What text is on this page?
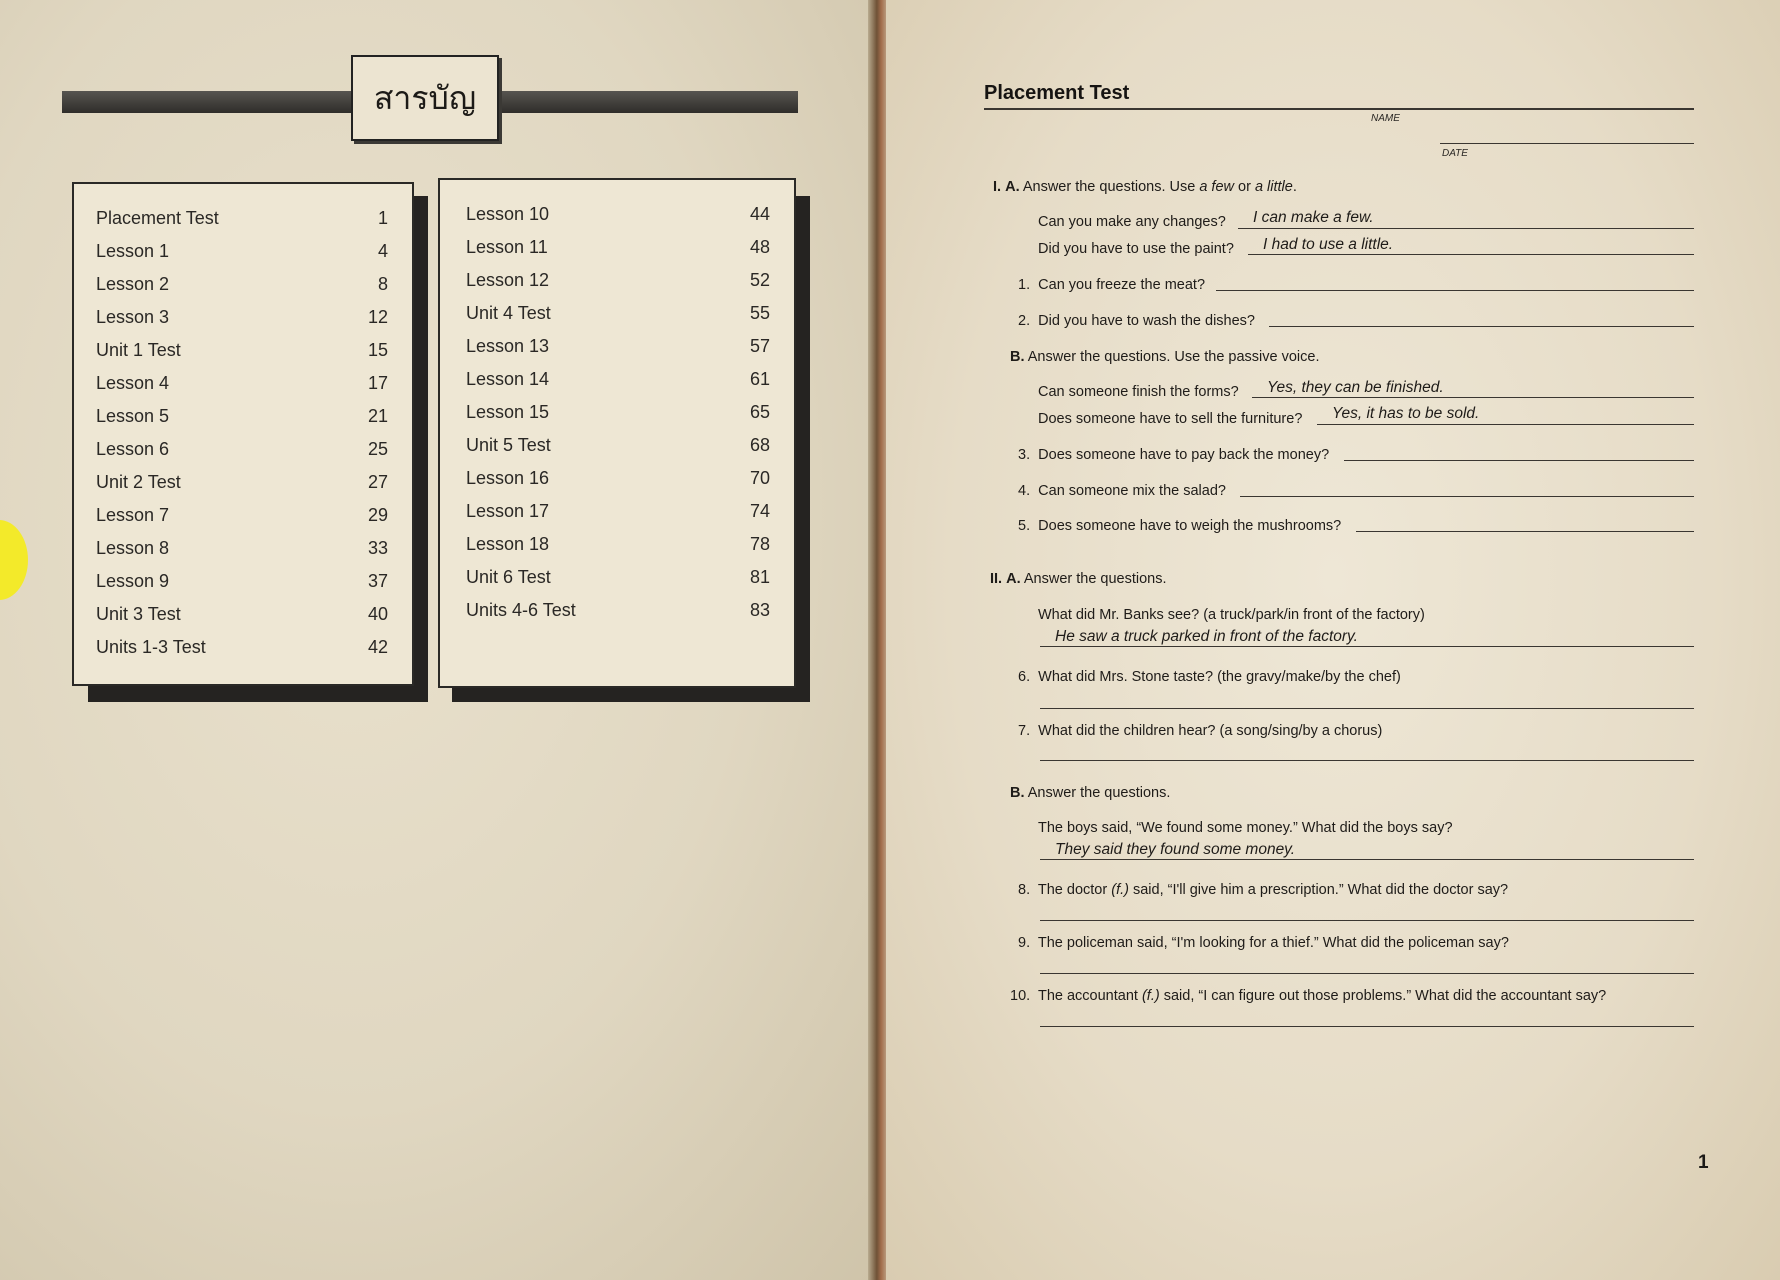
สารบัญ
Placement Test	1
Lesson 1	4
Lesson 2	8
Lesson 3	12
Unit 1 Test	15
Lesson 4	17
Lesson 5	21
Lesson 6	25
Unit 2 Test	27
Lesson 7	29
Lesson 8	33
Lesson 9	37
Unit 3 Test	40
Units 1-3 Test	42
Lesson 10	44
Lesson 11	48
Lesson 12	52
Unit 4 Test	55
Lesson 13	57
Lesson 14	61
Lesson 15	65
Unit 5 Test	68
Lesson 16	70
Lesson 17	74
Lesson 18	78
Unit 6 Test	81
Units 4-6 Test	83
Placement Test
NAME
DATE
I. A. Answer the questions. Use a few or a little.
Can you make any changes? I can make a few.
Did you have to use the paint? I had to use a little.
1. Can you freeze the meat?
2. Did you have to wash the dishes?
B. Answer the questions. Use the passive voice.
Can someone finish the forms? Yes, they can be finished.
Does someone have to sell the furniture? Yes, it has to be sold.
3. Does someone have to pay back the money?
4. Can someone mix the salad?
5. Does someone have to weigh the mushrooms?
II. A. Answer the questions.
What did Mr. Banks see? (a truck/park/in front of the factory)
He saw a truck parked in front of the factory.
6. What did Mrs. Stone taste? (the gravy/make/by the chef)
7. What did the children hear? (a song/sing/by a chorus)
B. Answer the questions.
The boys said, “We found some money.” What did the boys say?
They said they found some money.
8. The doctor (f.) said, “I'll give him a prescription.” What did the doctor say?
9. The policeman said, “I'm looking for a thief.” What did the policeman say?
10. The accountant (f.) said, “I can figure out those problems.” What did the accountant say?
1
